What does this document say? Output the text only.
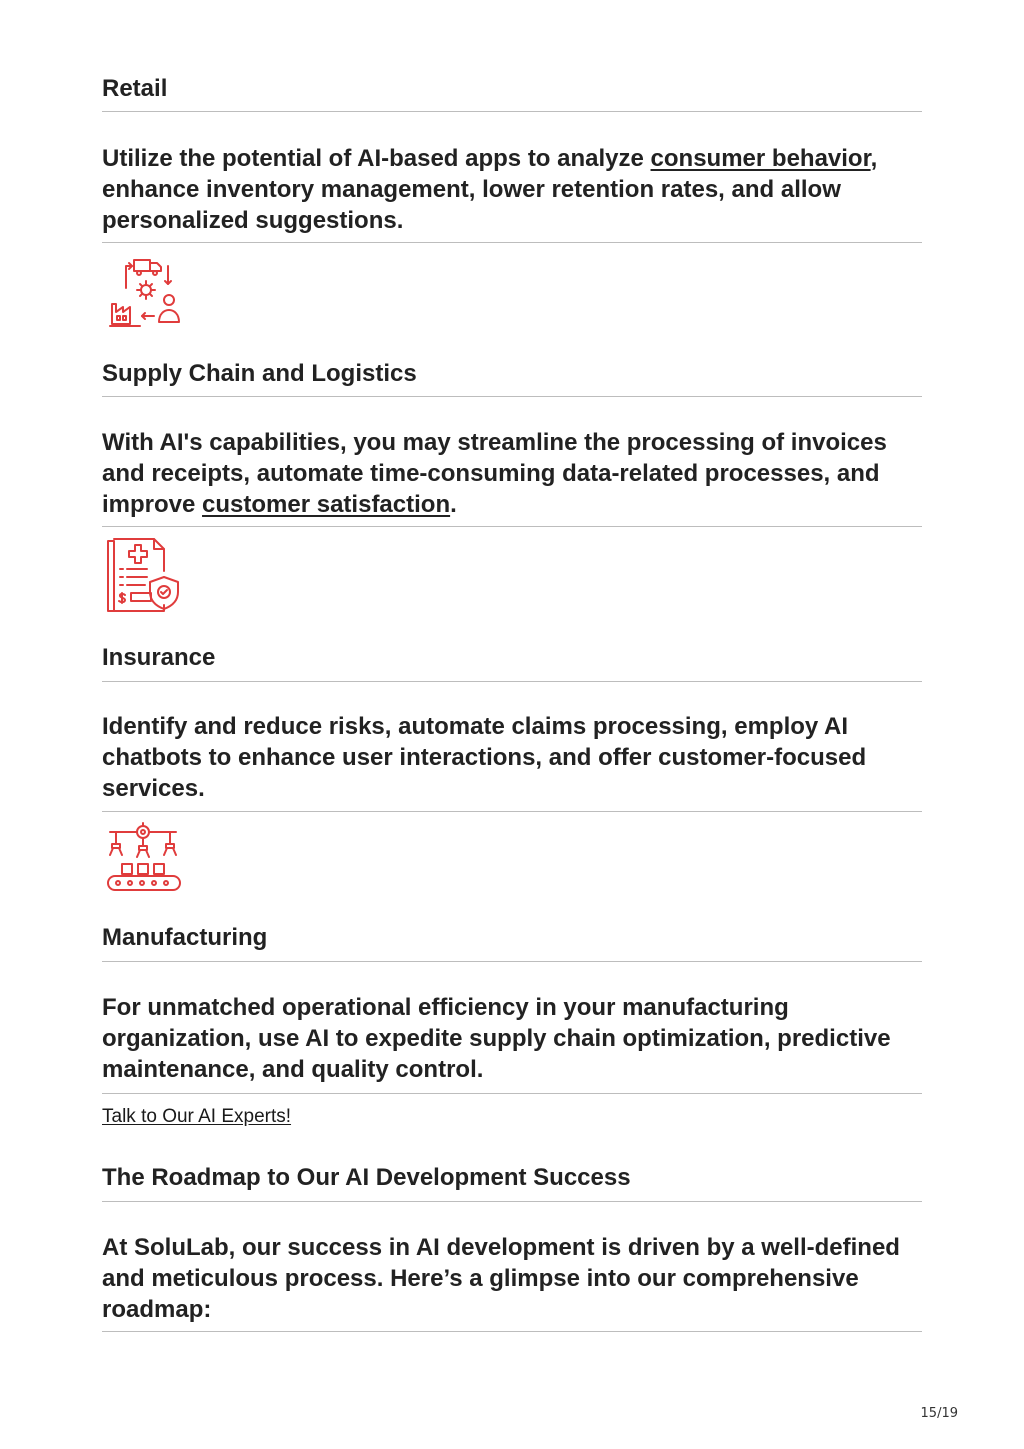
Retail
Utilize the potential of AI-based apps to analyze consumer behavior, enhance inventory management, lower retention rates, and allow personalized suggestions.
Supply Chain and Logistics
With AI's capabilities, you may streamline the processing of invoices and receipts, automate time-consuming data-related processes, and improve customer satisfaction.
Insurance
Identify and reduce risks, automate claims processing, employ AI chatbots to enhance user interactions, and offer customer-focused services.
Manufacturing
For unmatched operational efficiency in your manufacturing organization, use AI to expedite supply chain optimization, predictive maintenance, and quality control.
Talk to Our AI Experts!
The Roadmap to Our AI Development Success
At SoluLab, our success in AI development is driven by a well-defined and meticulous process. Here’s a glimpse into our comprehensive roadmap:
15/19
